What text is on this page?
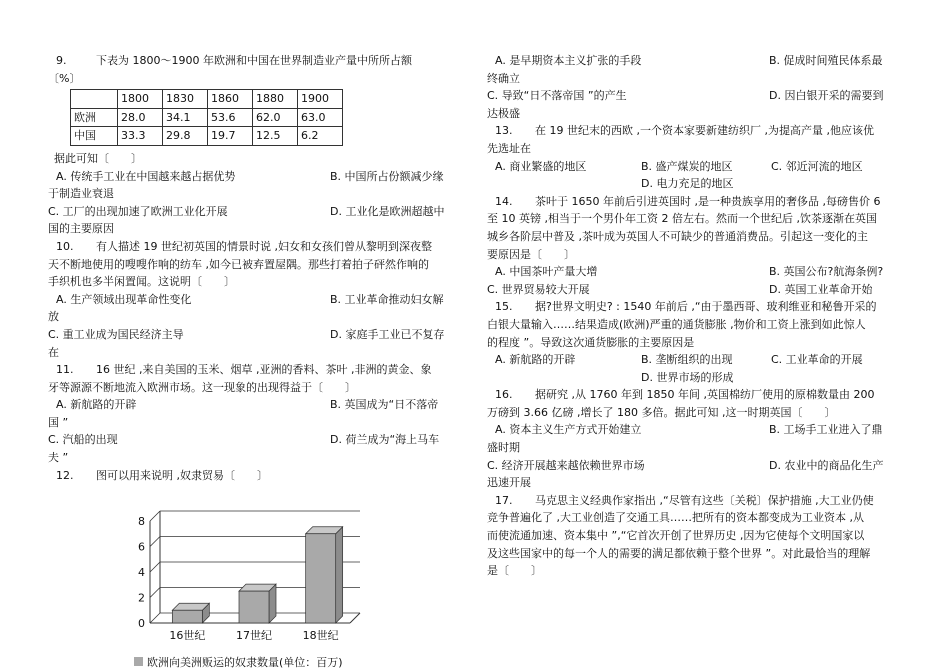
9.	下表为 1800～1900 年欧洲和中国在世界制造业产量中所所占额
〔%〕
	1800	1830	1860	1880	1900
欧洲	28.0	34.1	53.6	62.0	63.0
中国	33.3	29.8	19.7	12.5	6.2
据此可知〔　　〕
A. 传统手工业在中国越来越占据优势	B. 中国所占份额减少缘
于制造业衰退
C. 工厂的出现加速了欧洲工业化开展	D. 工业化是欧洲超越中
国的主要原因
10. 有人描述 19 世纪初英国的情景时说 ,妇女和女孩们曾从黎明到深夜整
天不断地使用的嗖嗖作响的纺车 ,如今已被弃置屋隅。那些打着拍子砰然作响的
手织机也多半闲置闻。这说明〔　　〕
A. 生产领域出现革命性变化	B. 工业革命推动妇女解
放
C. 重工业成为国民经济主导	D. 家庭手工业已不复存
在
11. 16 世纪 ,来自美国的玉米、烟草 ,亚洲的香料、茶叶 ,非洲的黄金、象
牙等源源不断地流入欧洲市场。这一现象的出现得益于〔　　〕
A. 新航路的开辟	B. 英国成为“日不落帝
国 ”
C. 汽船的出现	D. 荷兰成为“海上马车
夫 ”
12. 图可以用来说明 ,奴隶贸易〔　　〕
0
2
4
6
8
16世纪	17世纪	18世纪
欧洲向美洲贩运的奴隶数量(单位：百万)
A. 是早期资本主义扩张的手段	B. 促成时间殖民体系最
终确立
C. 导致“日不落帝国 ”的产生	D. 因白银开采的需要到
达极盛
13. 在 19 世纪末的西欧 ,一个资本家要新建纺织厂 ,为提高产量 ,他应该优
先选址在
A. 商业繁盛的地区	B. 盛产煤炭的地区	C. 邻近河流的地区
D. 电力充足的地区
14. 茶叶于 1650 年前后引进英国时 ,是一种贵族享用的奢侈品 ,每磅售价 6
至 10 英镑 ,相当于一个男仆年工资 2 倍左右。然而一个世纪后 ,饮茶逐渐在英国
城乡各阶层中普及 ,茶叶成为英国人不可缺少的普通消费品。引起这一变化的主
要原因是〔　　〕
A. 中国茶叶产量大增	B. 英国公布?航海条例?
C. 世界贸易较大开展	D. 英国工业革命开始
15. 据?世界文明史? : 1540 年前后 ,“由于墨西哥、玻利维亚和秘鲁开采的
白银大量输入……结果造成(欧洲)严重的通货膨胀 ,物价和工资上涨到如此惊人
的程度 ”。导致这次通货膨胀的主要原因是
A. 新航路的开辟	B. 垄断组织的出现	C. 工业革命的开展
D. 世界市场的形成
16. 据研究 ,从 1760 年到 1850 年间 ,英国棉纺厂使用的原棉数量由 200
万磅到 3.66 亿磅 ,增长了 180 多倍。据此可知 ,这一时期英国〔　　〕
A. 资本主义生产方式开始建立	B. 工场手工业进入了鼎
盛时期
C. 经济开展越来越依赖世界市场	D. 农业中的商品化生产
迅速开展
17. 马克思主义经典作家指出 ,“尽管有这些〔关税〕保护措施 ,大工业仍使
竞争普遍化了 ,大工业创造了交通工具……把所有的资本都变成为工业资本 ,从
而使流通加速、资本集中 ”,“它首次开创了世界历史 ,因为它使每个文明国家以
及这些国家中的每一个人的需要的满足都依赖于整个世界 ”。对此最恰当的理解
是〔　　〕
